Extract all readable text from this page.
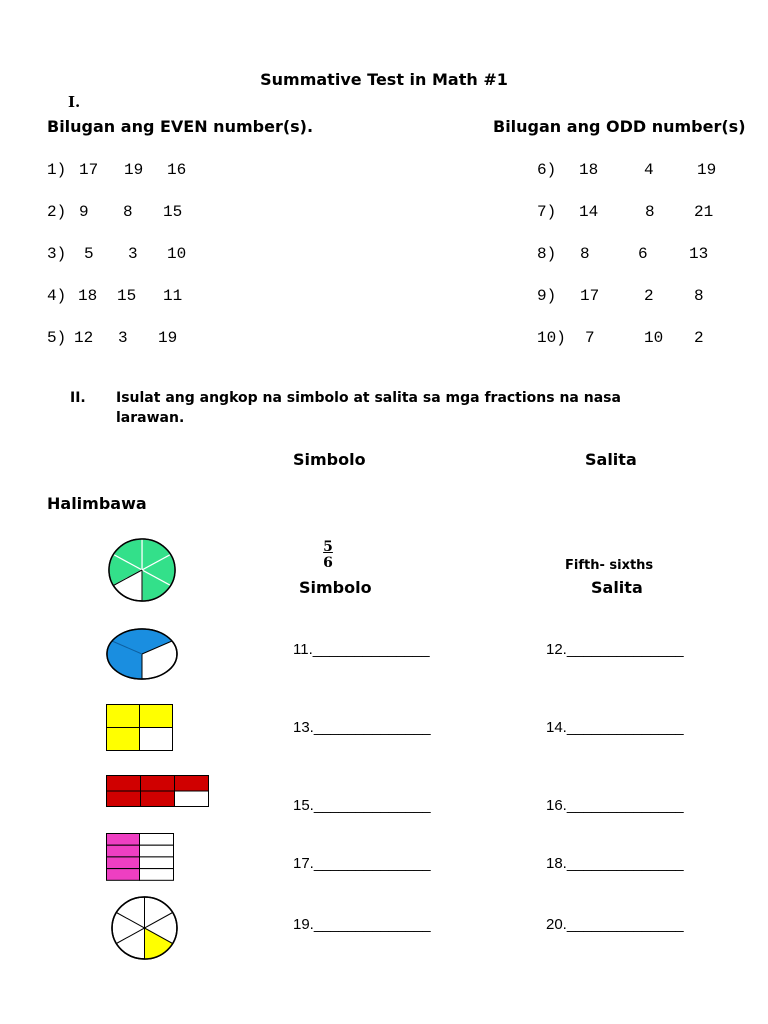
Summative Test in Math #1
I.
Bilugan ang EVEN number(s).	Bilugan ang ODD number(s)
1) 17 19 16
2) 9 8 15
3) 5 3 10
4) 18 15 11
5) 12 3 19
6) 18	4	19
7) 14	8 21
8) 8	6	13
9) 17	2	8
10) 7	10 2
II. Isulat ang angkop na simbolo at salita sa mga fractions na nasa
larawan.
Simbolo	Salita
Halimbawa
$\frac{5}{6}$
Simbolo
Fifth- sixths
Salita
11.______________	12.______________
13.______________	14.______________
15.______________	16.______________
17.______________	18.______________
19.______________	20.______________
